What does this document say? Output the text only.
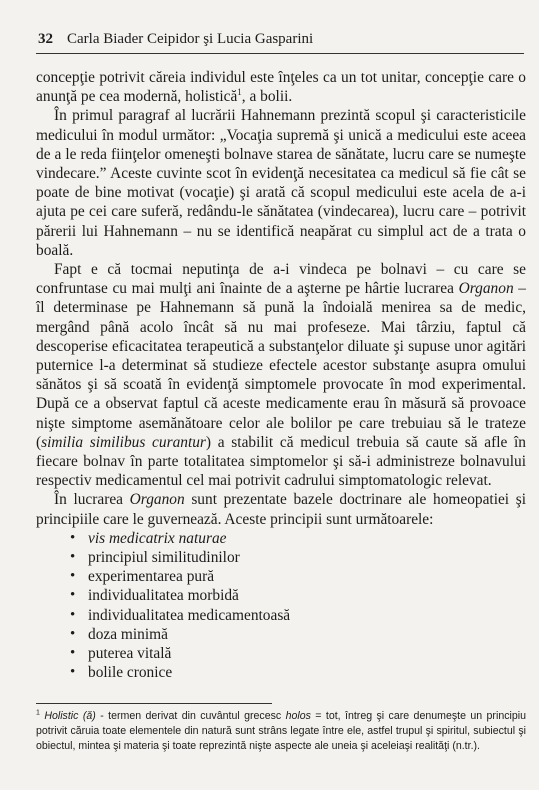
32 Carla Biader Ceipidor şi Lucia Gasparini

concepţie potrivit căreia individul este înţeles ca un tot unitar, concepţie care o anunţă pe cea modernă, holistică$^1$, a bolii.

În primul paragraf al lucrării Hahnemann prezintă scopul şi caracteristicile medicului în modul următor: „Vocaţia supremă şi unică a medicului este aceea de a le reda fiinţelor omeneşti bolnave starea de sănătate, lucru care se numeşte vindecare.” Aceste cuvinte scot în evidenţă necesitatea ca medicul să fie cât se poate de bine motivat (vocaţie) şi arată că scopul medicului este acela de a-i ajuta pe cei care suferă, redându-le sănătatea (vindecarea), lucru care – potrivit părerii lui Hahnemann – nu se identifică neapărat cu simplul act de a trata o boală.

Fapt e că tocmai neputinţa de a-i vindeca pe bolnavi – cu care se confruntase cu mai mulţi ani înainte de a aşterne pe hârtie lucrarea Organon – îl determinase pe Hahnemann să pună la îndoială menirea sa de medic, mergând până acolo încât să nu mai profeseze. Mai târziu, faptul că descoperise eficacitatea terapeutică a substanţelor diluate şi supuse unor agitări puternice l-a determinat să studieze efectele acestor substanţe asupra omului sănătos şi să scoată în evidenţă simptomele provocate în mod experimental. După ce a observat faptul că aceste medicamente erau în măsură să provoace nişte simptome asemănătoare celor ale bolilor pe care trebuiau să le trateze (similia similibus curantur) a stabilit că medicul trebuia să caute să afle în fiecare bolnav în parte totalitatea simptomelor şi să-i administreze bolnavului respectiv medicamentul cel mai potrivit cadrului simptomatologic relevat.

În lucrarea Organon sunt prezentate bazele doctrinare ale homeopatiei şi principiile care le guvernează. Aceste principii sunt următoarele:

• vis medicatrix naturae
• principiul similitudinilor
• experimentarea pură
• individualitatea morbidă
• individualitatea medicamentoasă
• doza minimă
• puterea vitală
• bolile cronice
$^1$ Holistic (ă) - termen derivat din cuvântul grecesc holos = tot, întreg şi care denumeşte un principiu potrivit căruia toate elementele din natură sunt strâns legate între ele, astfel trupul şi spiritul, subiectul şi obiectul, mintea şi materia şi toate reprezintă nişte aspecte ale uneia şi aceleiaşi realităţi (n.tr.).
